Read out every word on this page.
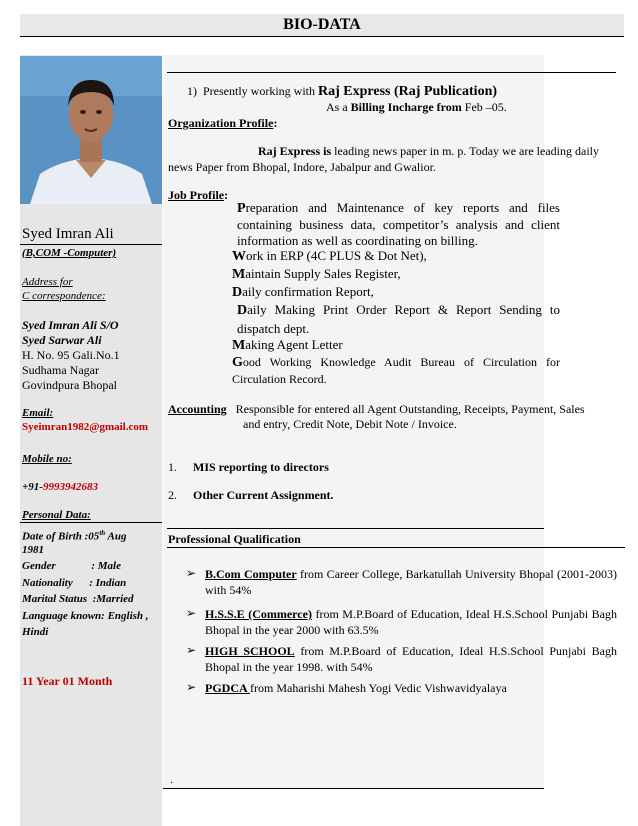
BIO-DATA
Syed Imran Ali
(B,COM -Computer)
Address for
C correspondence:
Syed Imran Ali S/O
Syed Sarwar Ali
H. No. 95 Gali.No.1
Sudhama Nagar
Govindpura Bhopal
Email:
Syeimran1982@gmail.com
Mobile no:
+91-9993942683
Personal Data:
Date of Birth :05th Aug
1981
Gender             : Male
Nationality      : Indian
Marital Status  :Married
Language known: English ,
Hindi
11 Year 01 Month
1) Presently working with Raj Express (Raj Publication)
As a Billing Incharge from Feb –05.
Organization Profile:
Raj Express is leading news paper in m. p. Today we are leading daily
news Paper from Bhopal, Indore, Jabalpur and Gwalior.
Job Profile:
Preparation and Maintenance of key reports and files containing business data, competitor’s analysis and client information as well as coordinating on billing.
Work in ERP (4C PLUS & Dot Net),
Maintain Supply Sales Register,
Daily confirmation Report,
Daily Making Print Order Report & Report Sending to dispatch dept.
Making Agent Letter
Good Working Knowledge Audit Bureau of Circulation for Circulation Record.
Accounting Responsible for entered all Agent Outstanding, Receipts, Payment, Sales
and entry, Credit Note, Debit Note / Invoice.
1. MIS reporting to directors
2. Other Current Assignment.
Professional Qualification
➢ B.Com Computer from Career College, Barkatullah University Bhopal (2001-2003) with 54%
➢ H.S.S.E (Commerce) from M.P.Board of Education, Ideal H.S.School Punjabi Bagh Bhopal in the year 2000 with 63.5%
➢ HIGH SCHOOL from M.P.Board of Education, Ideal H.S.School Punjabi Bagh Bhopal in the year 1998. with 54%
➢ PGDCA from Maharishi Mahesh Yogi Vedic Vishwavidyalaya
.
